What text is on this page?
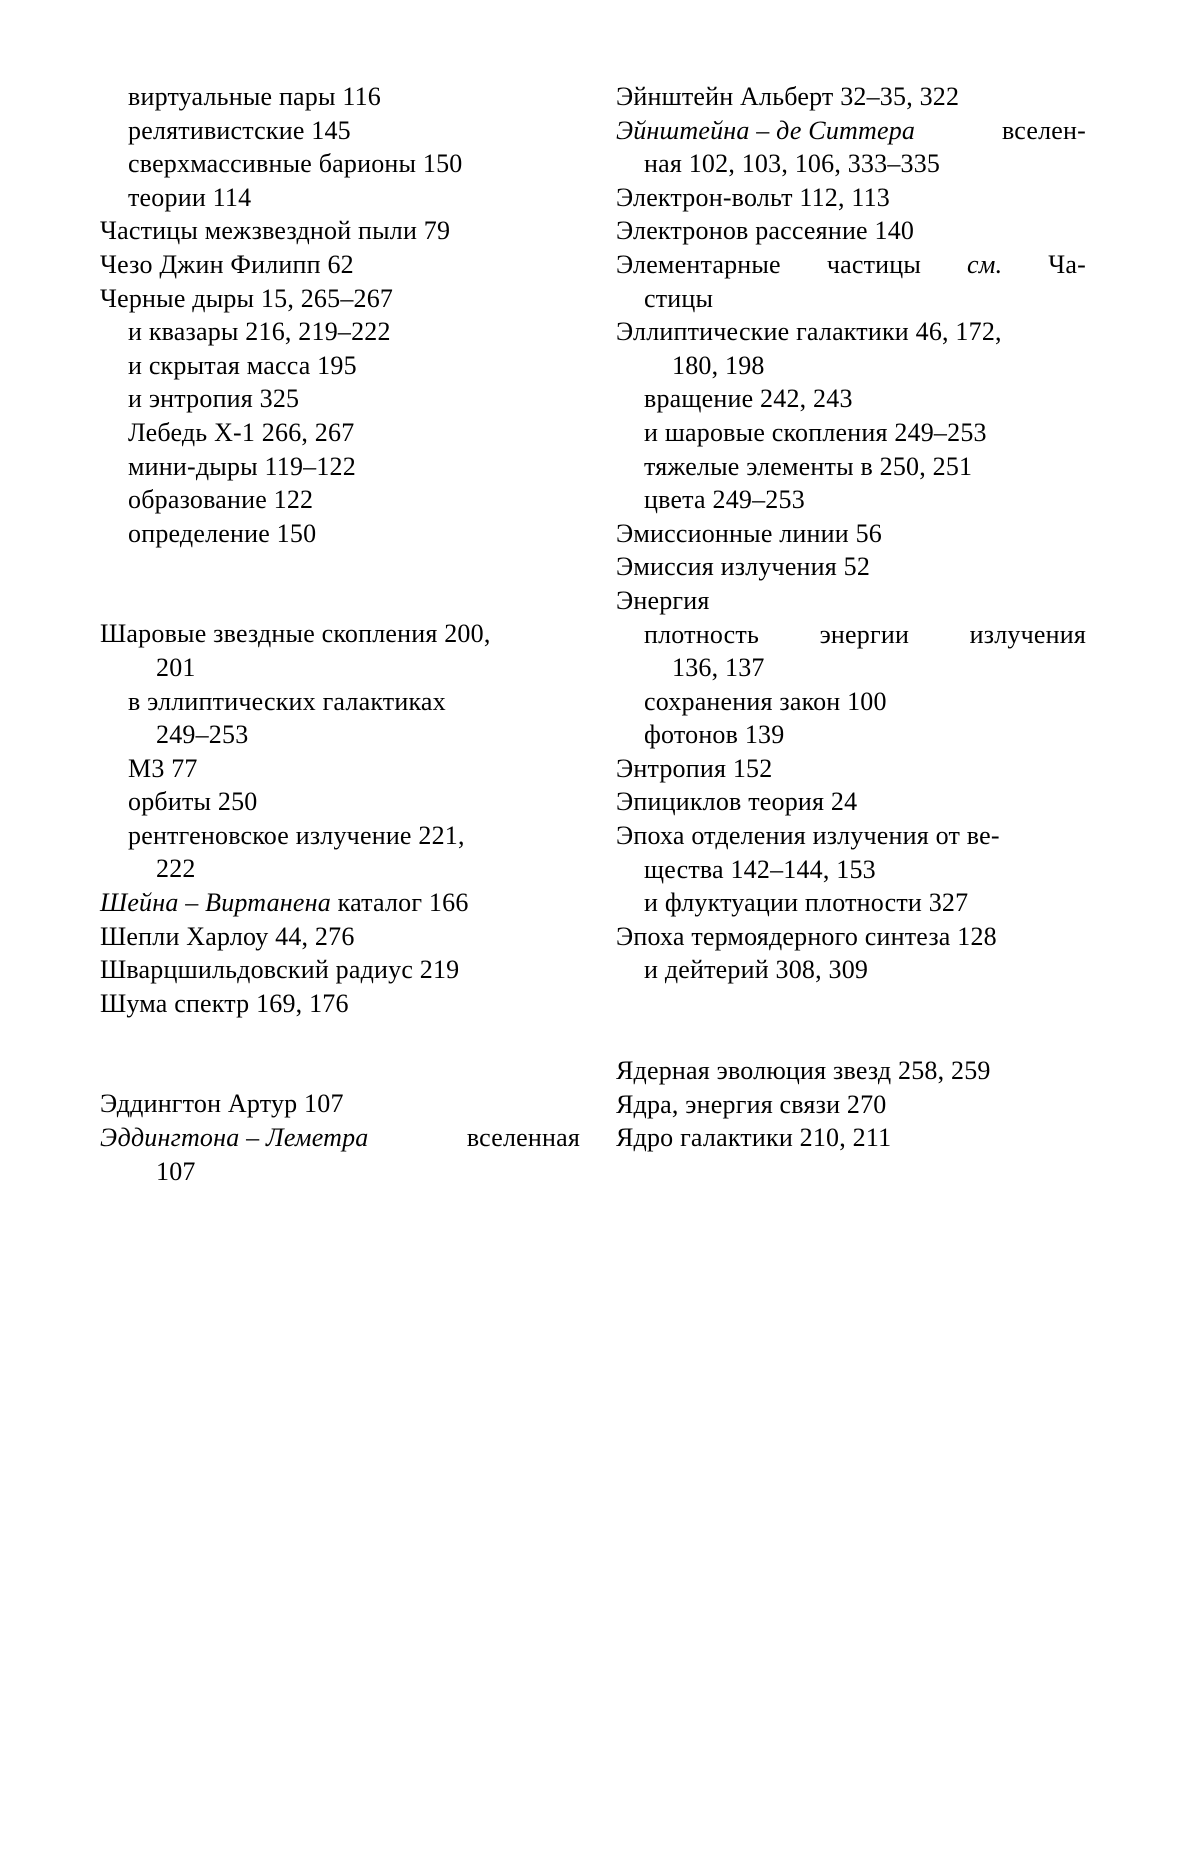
виртуальные пары 116
релятивистские 145
сверхмассивные барионы 150
теории 114
Частицы межзвездной пыли 79
Чезо Джин Филипп 62
Черные дыры 15, 265–267
и квазары 216, 219–222
и скрытая масса 195
и энтропия 325
Лебедь Х-1 266, 267
мини-дыры 119–122
образование 122
определение 150
Шаровые звездные скопления 200,
201
в эллиптических галактиках
249–253
М3 77
орбиты 250
рентгеновское излучение 221,
222
Шейна – Виртанена каталог 166
Шепли Харлоу 44, 276
Шварцшильдовский радиус 219
Шума спектр 169, 176
Эддингтон Артур 107
Эддингтона – Леметра	вселенная
107
Эйнштейн Альберт 32–35, 322
Эйнштейна – де Ситтера	вселен-
ная 102, 103, 106, 333–335
Электрон-вольт 112, 113
Электронов рассеяние 140
Элементарные частицы см. Ча-
стицы
Эллиптические галактики 46, 172,
180, 198
вращение 242, 243
и шаровые скопления 249–253
тяжелые элементы в 250, 251
цвета 249–253
Эмиссионные линии 56
Эмиссия излучения 52
Энергия
плотность энергии излучения
136, 137
сохранения закон 100
фотонов 139
Энтропия 152
Эпициклов теория 24
Эпоха отделения излучения от ве-
щества 142–144, 153
и флуктуации плотности 327
Эпоха термоядерного синтеза 128
и дейтерий 308, 309
Ядерная эволюция звезд 258, 259
Ядра, энергия связи 270
Ядро галактики 210, 211
